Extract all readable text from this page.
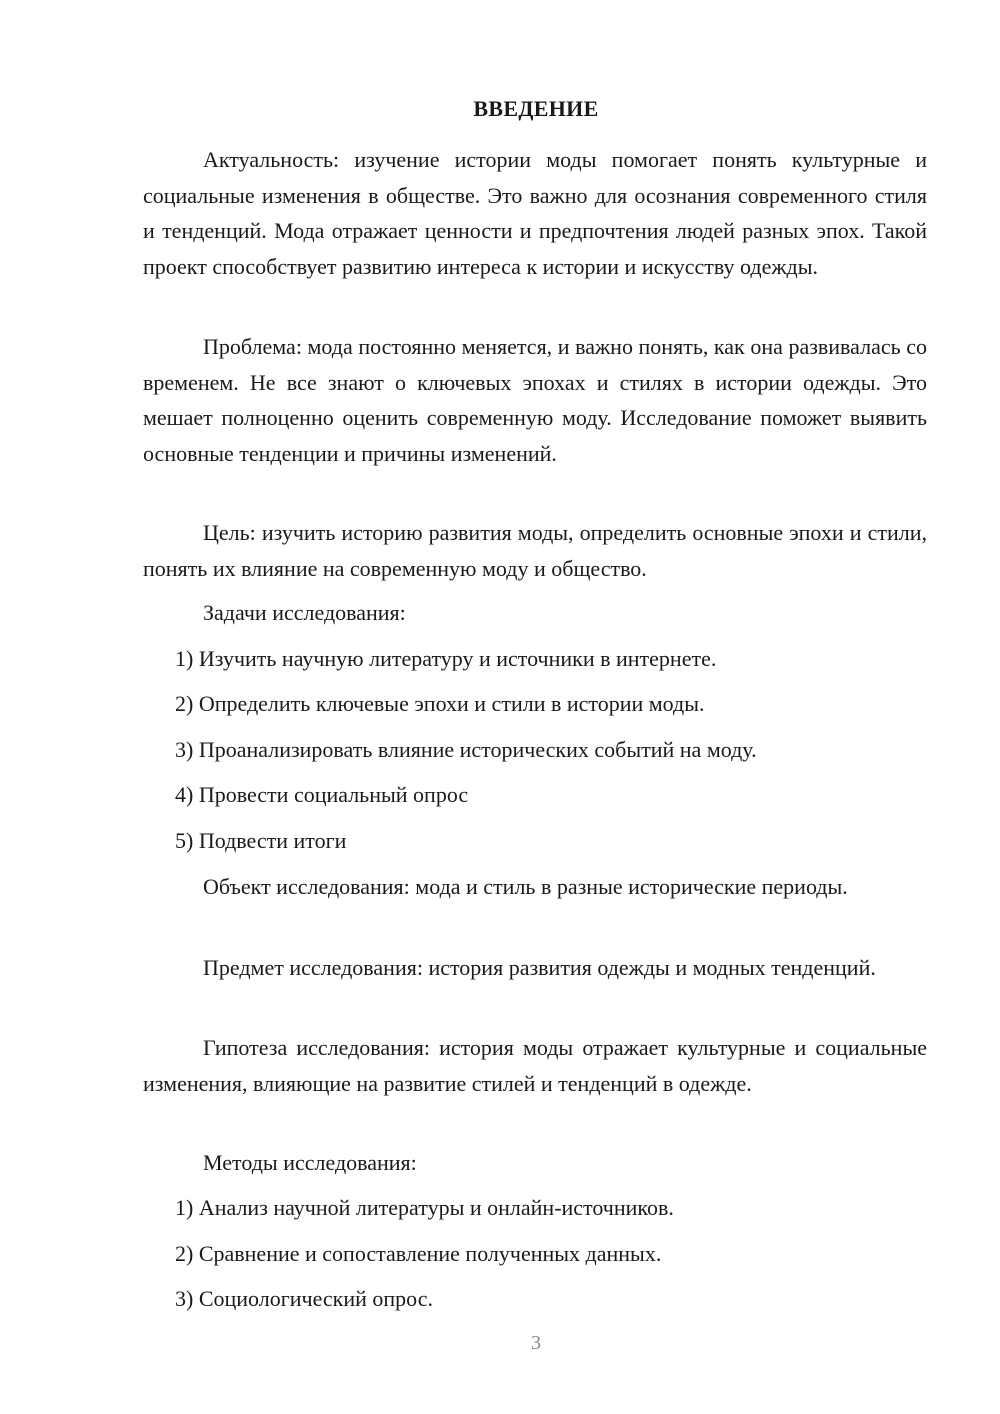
ВВЕДЕНИЕ

Актуальность: изучение истории моды помогает понять культурные и социальные изменения в обществе. Это важно для осознания современного стиля и тенденций. Мода отражает ценности и предпочтения людей разных эпох. Такой проект способствует развитию интереса к истории и искусству одежды.

Проблема: мода постоянно меняется, и важно понять, как она развивалась со временем. Не все знают о ключевых эпохах и стилях в истории одежды. Это мешает полноценно оценить современную моду. Исследование поможет выявить основные тенденции и причины изменений.

Цель: изучить историю развития моды, определить основные эпохи и стили, понять их влияние на современную моду и общество.

Задачи исследования:

1) Изучить научную литературу и источники в интернете.

2) Определить ключевые эпохи и стили в истории моды.

3) Проанализировать влияние исторических событий на моду.

4) Провести социальный опрос

5) Подвести итоги

Объект исследования: мода и стиль в разные исторические периоды.

Предмет исследования: история развития одежды и модных тенденций.

Гипотеза исследования: история моды отражает культурные и социальные изменения, влияющие на развитие стилей и тенденций в одежде.

Методы исследования:

1) Анализ научной литературы и онлайн-источников.

2) Сравнение и сопоставление полученных данных.

3) Социологический опрос.

3
